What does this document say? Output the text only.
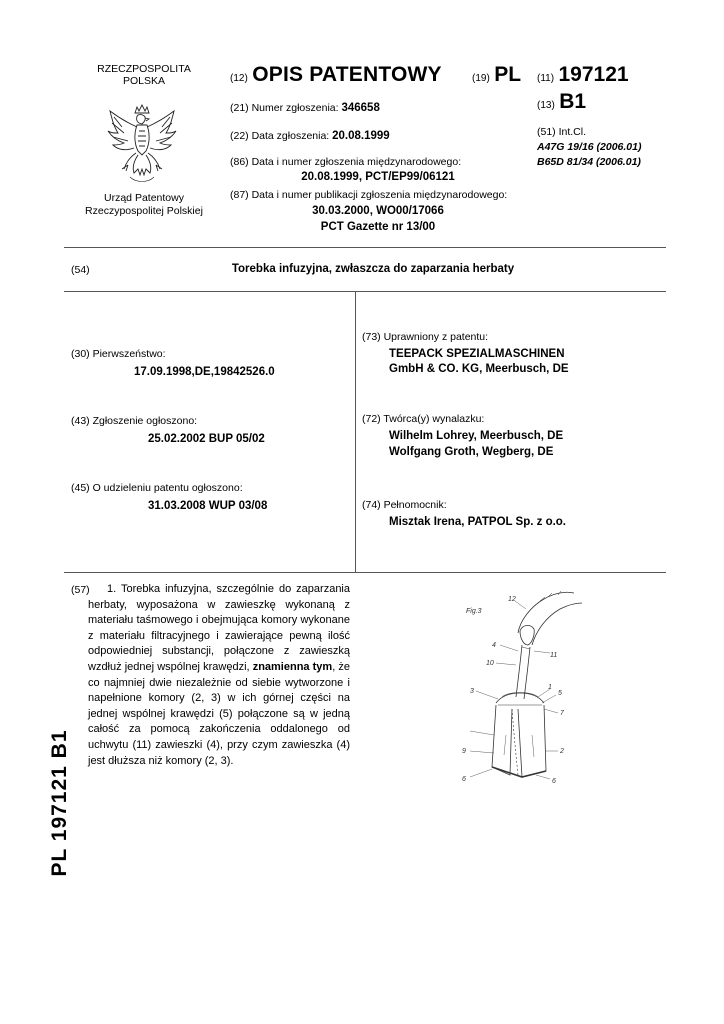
RZECZPOSPOLITA
POLSKA
Urząd Patentowy
Rzeczypospolitej Polskiej
(12) OPIS PATENTOWY	(19) PL
(21) Numer zgłoszenia: 346658
(22) Data zgłoszenia: 20.08.1999
(86) Data i numer zgłoszenia międzynarodowego:
20.08.1999, PCT/EP99/06121
(87) Data i numer publikacji zgłoszenia międzynarodowego:
30.03.2000, WO00/17066
PCT Gazette nr 13/00
(11) 197121
(13) B1
(51) Int.Cl.
A47G 19/16 (2006.01)
B65D 81/34 (2006.01)
(54)	Torebka infuzyjna, zwłaszcza do zaparzania herbaty
(30) Pierwszeństwo:
17.09.1998,DE,19842526.0
(43) Zgłoszenie ogłoszono:
25.02.2002 BUP 05/02
(45) O udzieleniu patentu ogłoszono:
31.03.2008 WUP 03/08
(73) Uprawniony z patentu:
TEEPACK SPEZIALMASCHINEN
GmbH & CO. KG, Meerbusch, DE
(72) Twórca(y) wynalazku:
Wilhelm Lohrey, Meerbusch, DE
Wolfgang Groth, Wegberg, DE
(74) Pełnomocnik:
Misztak Irena, PATPOL Sp. z o.o.
(57)	1. Torebka infuzyjna, szczególnie do zaparzania herbaty, wyposażona w zawieszkę wykonaną z materiału taśmowego i obejmująca komory wykonane z materiału filtracyjnego i zawierające pewną ilość odpowiedniej substancji, połączone z zawieszką wzdłuż jednej wspólnej krawędzi, znamienna tym, że co najmniej dwie niezależnie od siebie wytworzone i napełnione komory (2, 3) w ich górnej części na jednej wspólnej krawędzi (5) połączone są w jedną całość za pomocą zakończenia oddalonego od uchwytu (11) zawieszki (4), przy czym zawieszka (4) jest dłuższa niż komory (2, 3).

PL 197121 B1
Fig.3
12
4
11
10
1
5
7
3
9	2
6	6
